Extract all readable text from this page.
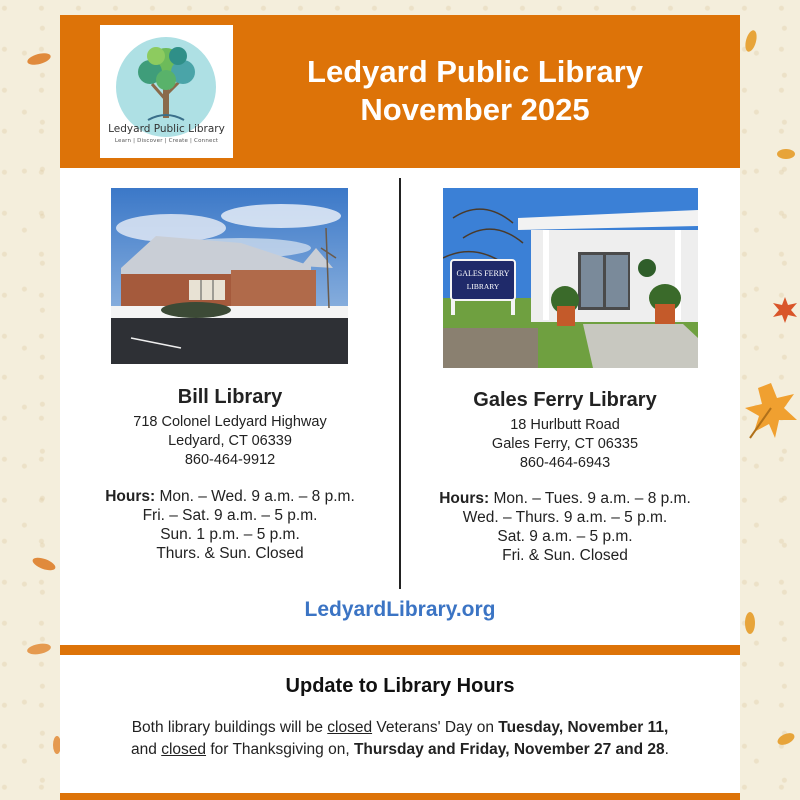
Ledyard Public Library
Learn | Discover | Create | Connect
Ledyard Public Library
November 2025
GALES FERRY
LIBRARY
Bill Library
718 Colonel Ledyard Highway
Ledyard, CT 06339
860-464-9912
Hours: Mon. – Wed. 9 a.m. – 8 p.m.
Fri. – Sat. 9 a.m. – 5 p.m.
Sun. 1 p.m. – 5 p.m.
Thurs. & Sun. Closed
Gales Ferry Library
18 Hurlbutt Road
Gales Ferry, CT 06335
860-464-6943
Hours: Mon. – Tues. 9 a.m. – 8 p.m.
Wed. – Thurs. 9 a.m. – 5 p.m.
Sat. 9 a.m. – 5 p.m.
Fri. & Sun. Closed
LedyardLibrary.org
Update to Library Hours
Both library buildings will be closed Veterans' Day on Tuesday, November 11,
and closed for Thanksgiving on, Thursday and Friday, November 27 and 28.
